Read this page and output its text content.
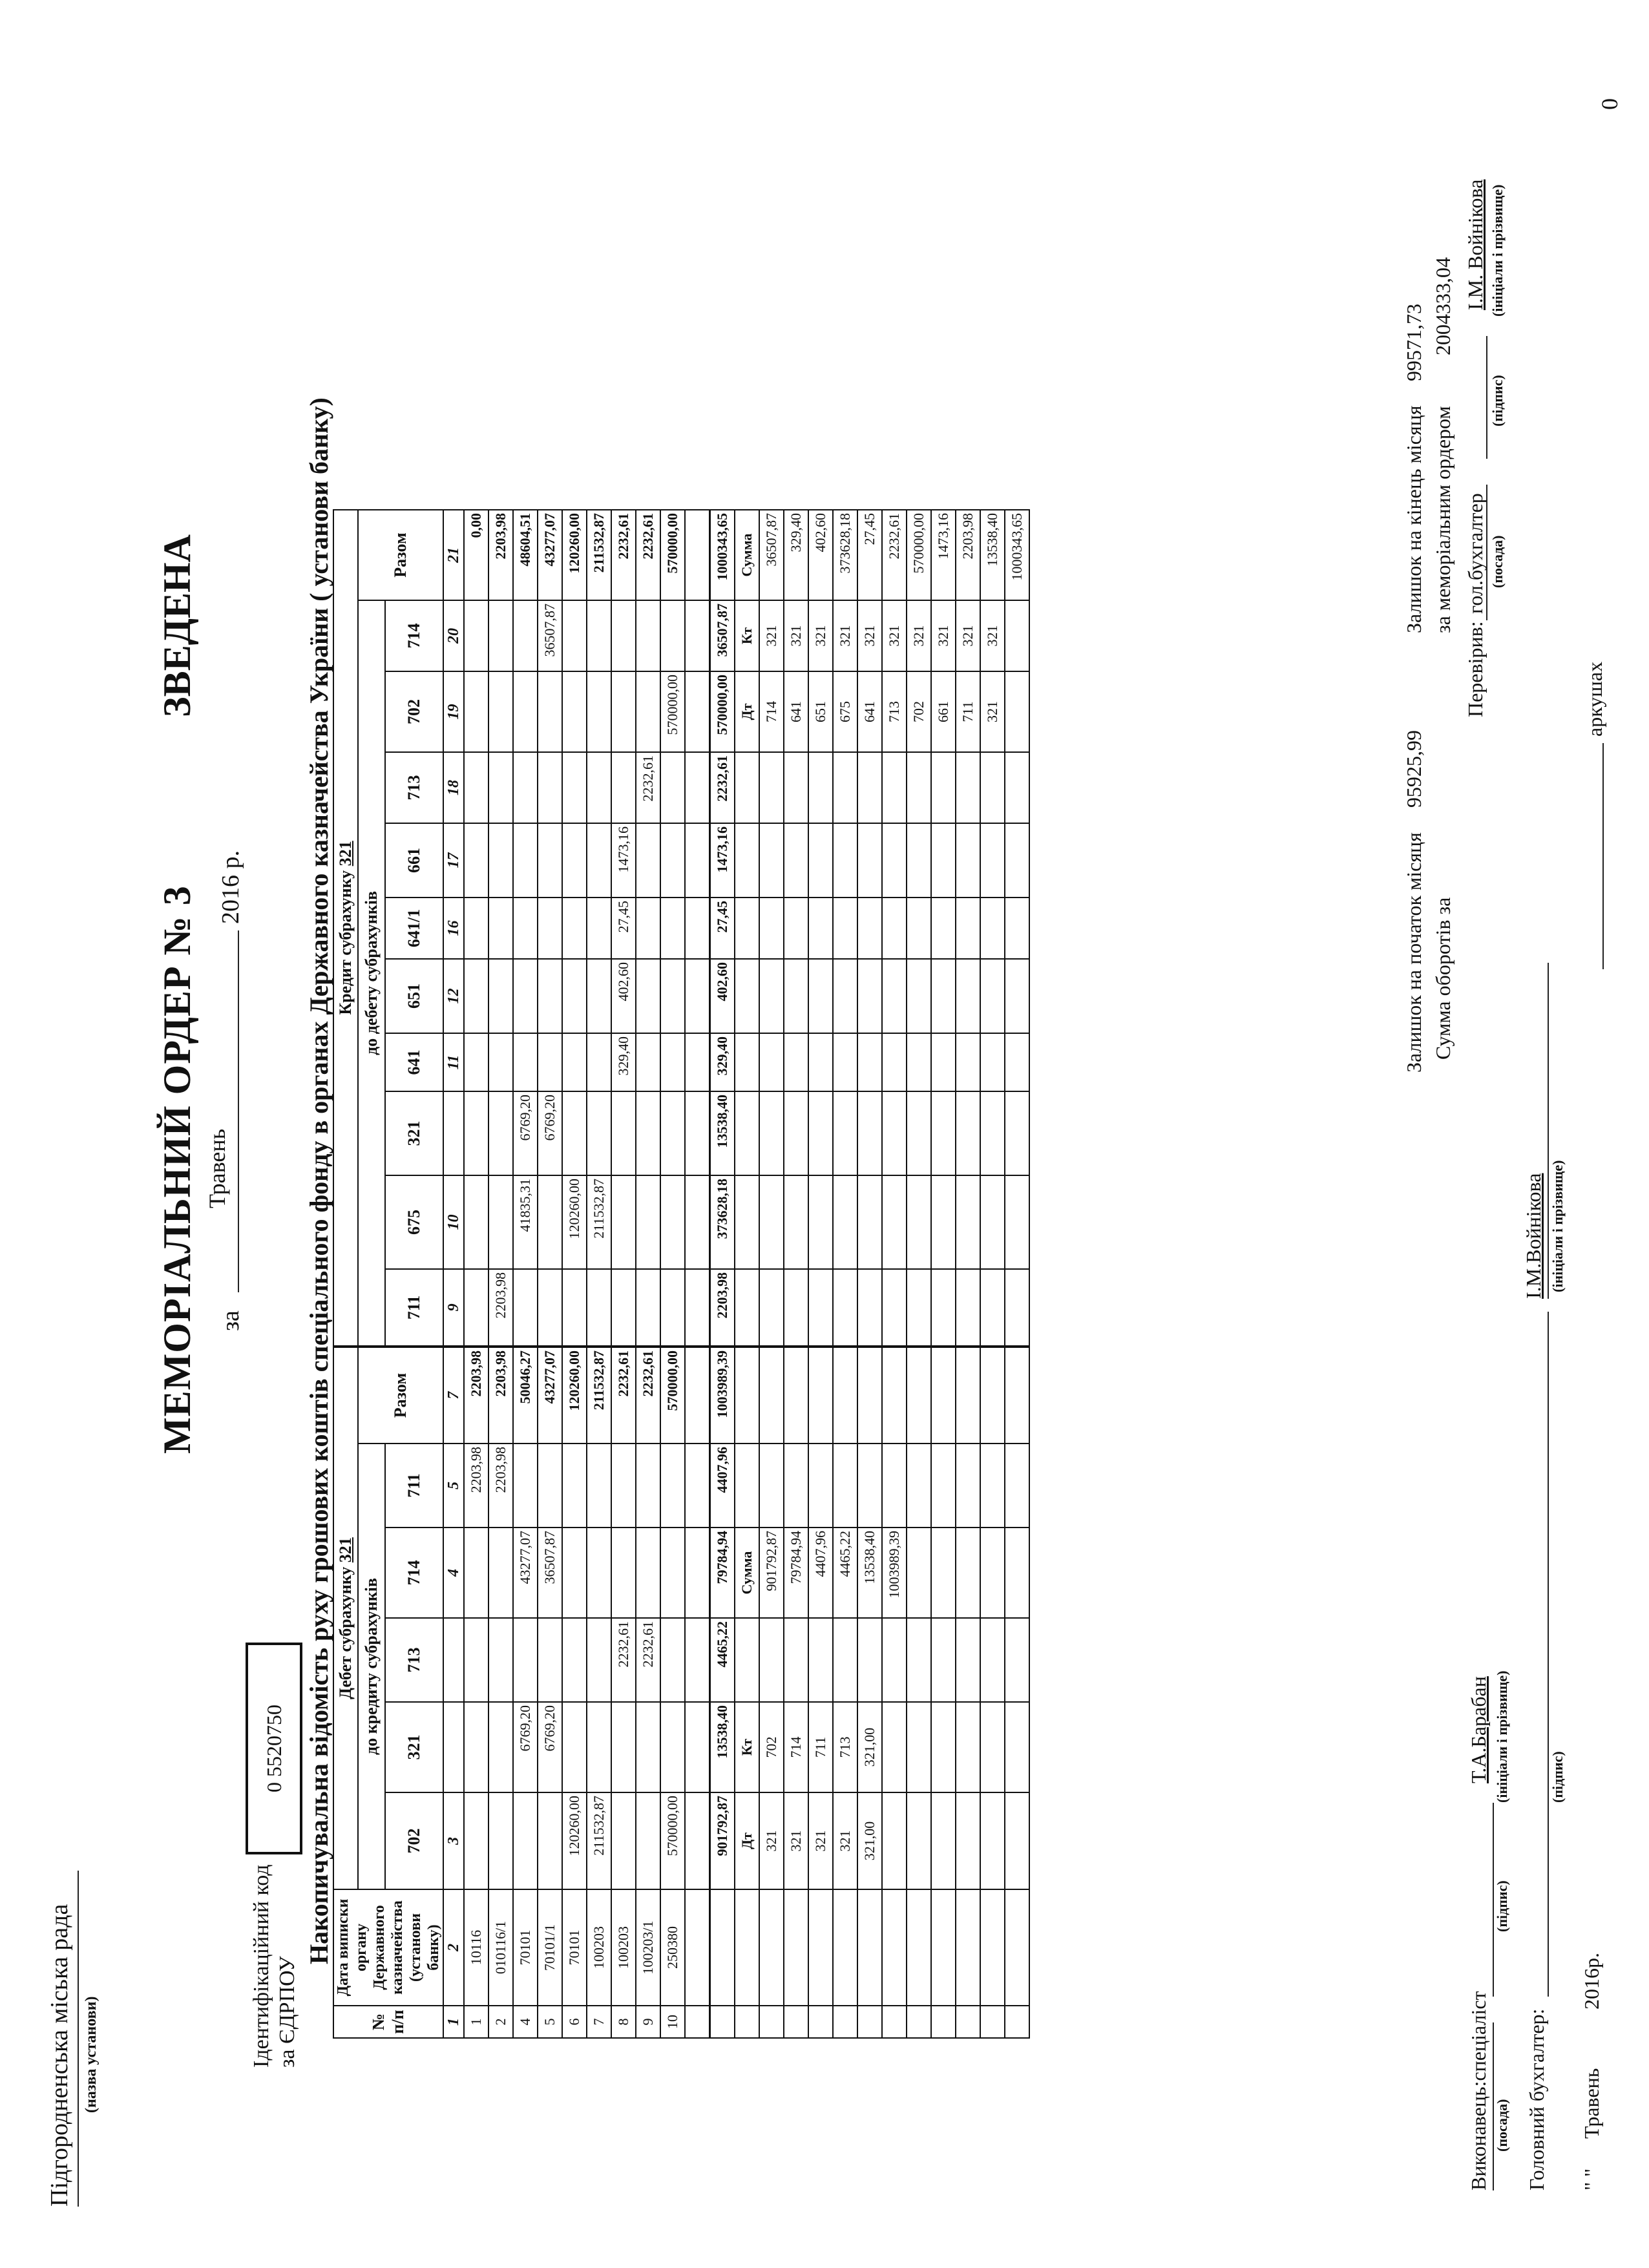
Підгородненська міська рада (назва установи)
МЕМОРІАЛЬНИЙ ОРДЕР № 3
ЗВЕДЕНА
за
Травень
2016 р.
Ідентифікаційний код за ЄДРПОУ
0 5520750 Накопичувальна відомість руху грошових коштів спеціального фонду в органах Державного казначейства України ( установи банку)
№ п/п	Дата виписки органу Державного казначейства (установи банку)	Дебет субрахунку 321						Кредит субрахунку 321										
		до кредиту субрахунків					Разом	до дебету субрахунків										Разом
		702	321	713	714	711		711	675	321	641	651	641/1	661	713	702	714	
1	2	3			4	5	7	9	10		11	12	16	17	18	19	20	21
1	10116					2203,98	2203,98											0,00
2	010116/1					2203,98	2203,98	2203,98										2203,98
4	70101		6769,20		43277,07		50046,27		41835,31	6769,20								48604,51
5	70101/1		6769,20		36507,87		43277,07			6769,20							36507,87	43277,07
6	70101	120260,00					120260,00		120260,00									120260,00
7	100203	211532,87					211532,87		211532,87									211532,87
8	100203			2232,61			2232,61				329,40	402,60	27,45	1473,16				2232,61
9	100203/1			2232,61			2232,61								2232,61			2232,61
10	250380	570000,00					570000,00									570000,00		570000,00

		901792,87	13538,40	4465,22	79784,94	4407,96	1003989,39	2203,98	373628,18	13538,40	329,40	402,60	27,45	1473,16	2232,61	570000,00	36507,87	1000343,65
		Дт	Кт		Сумма											Дт	Кт	Сумма
		321	702		901792,87											714	321	36507,87
		321	714		79784,94											641	321	329,40
		321	711		4407,96											651	321	402,60
		321	713		4465,22											675	321	373628,18
		321,00	321,00		13538,40											641	321	27,45
					1003989,39											713	321	2232,61
																702	321	570000,00
																661	321	1473,16
																711	321	2203,98
																321	321	13538,40
																		1000343,65
Залишок на початок місяця
95925,99
Залишок на кінець місяця
99571,73
Сумма оборотів за
за меморіальним ордером
2004333,04
Перевірив:
гол.бухгалтер (посада)
(підпис)
І.М. Войнікова (ініціали і прізвище)
Виконавець:спеціаліст (посада)
(підпис)
Т.А.Барабан (ініціали і прізвище)
Головний бухгалтер:
(підпис)
І.М.Войнікова (ініціали і прізвище)
" "
Травень
2016р.
аркушах
0
